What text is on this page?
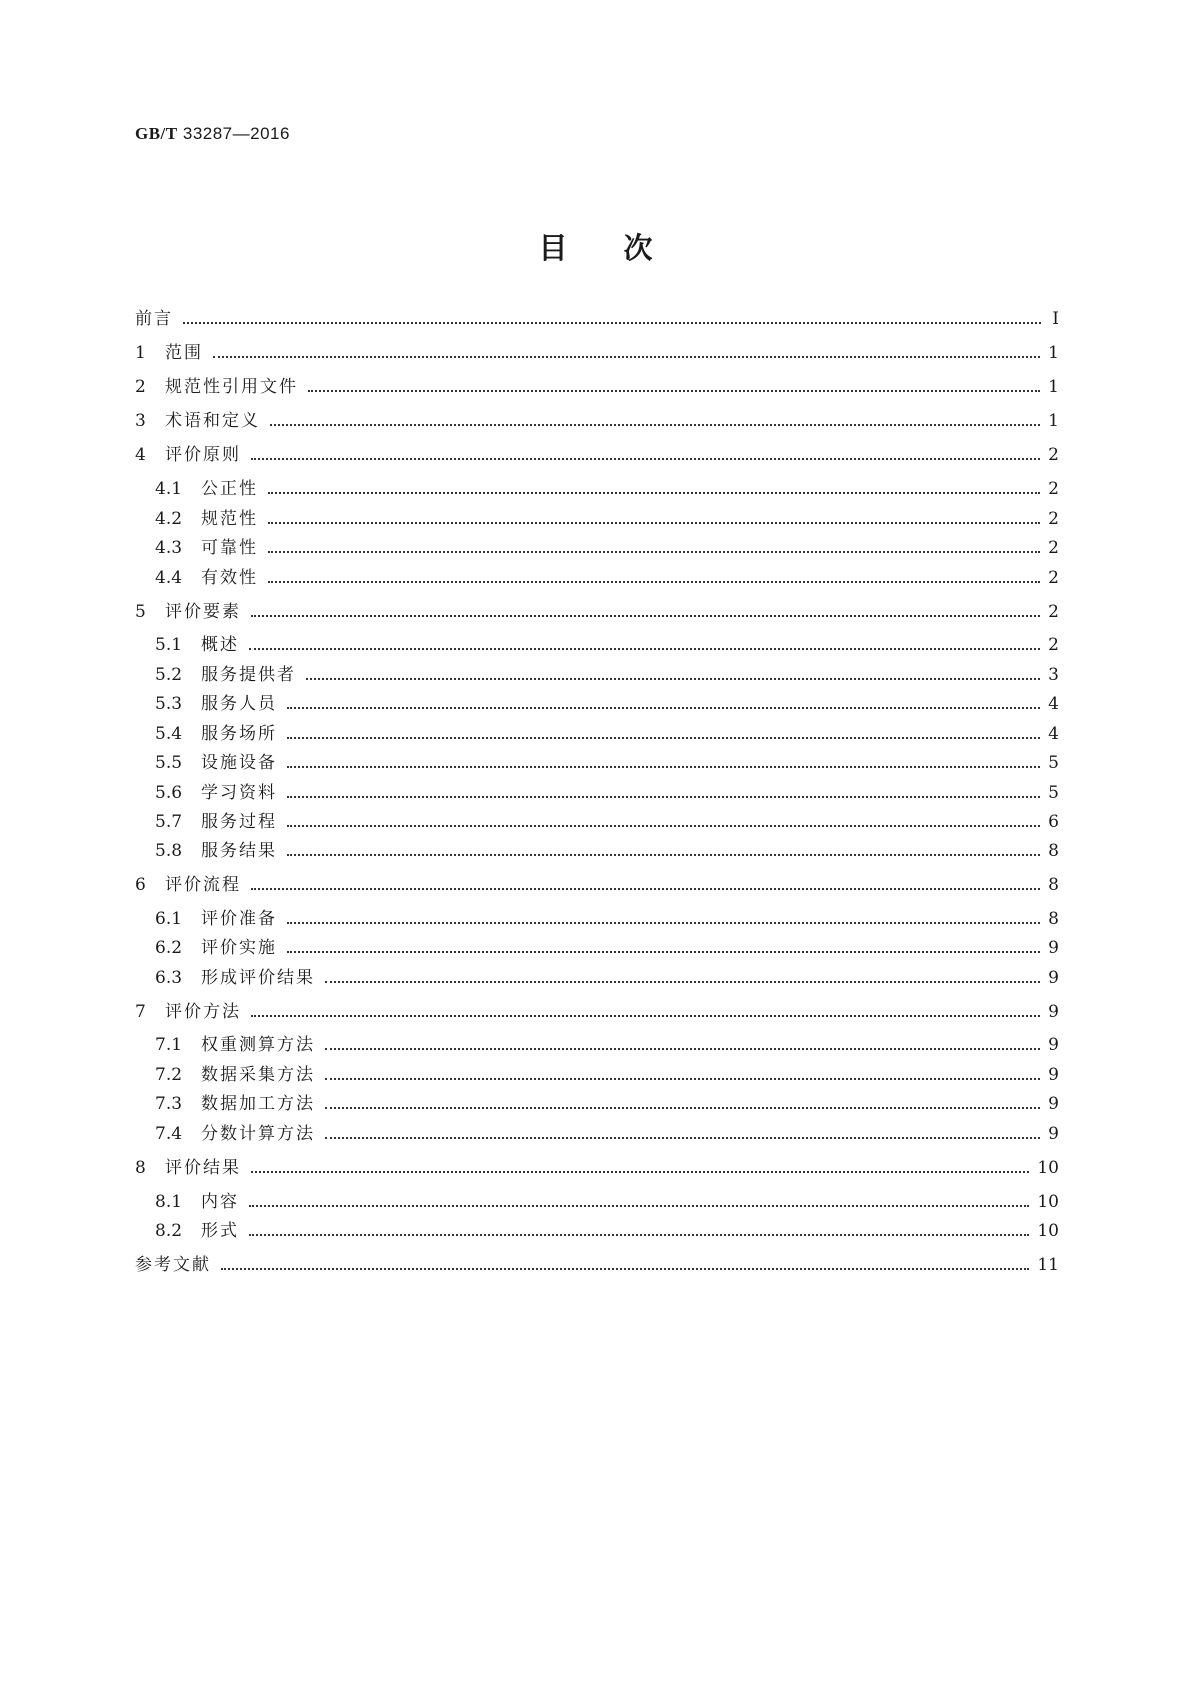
GB/T 33287—2016
目次
前言	Ⅰ
1	范围	1
2	规范性引用文件	1
3	术语和定义	1
4	评价原则	2
4.1	公正性	2
4.2	规范性	2
4.3	可靠性	2
4.4	有效性	2
5	评价要素	2
5.1	概述	2
5.2	服务提供者	3
5.3	服务人员	4
5.4	服务场所	4
5.5	设施设备	5
5.6	学习资料	5
5.7	服务过程	6
5.8	服务结果	8
6	评价流程	8
6.1	评价准备	8
6.2	评价实施	9
6.3	形成评价结果	9
7	评价方法	9
7.1	权重测算方法	9
7.2	数据采集方法	9
7.3	数据加工方法	9
7.4	分数计算方法	9
8	评价结果	10
8.1	内容	10
8.2	形式	10
参考文献	11
